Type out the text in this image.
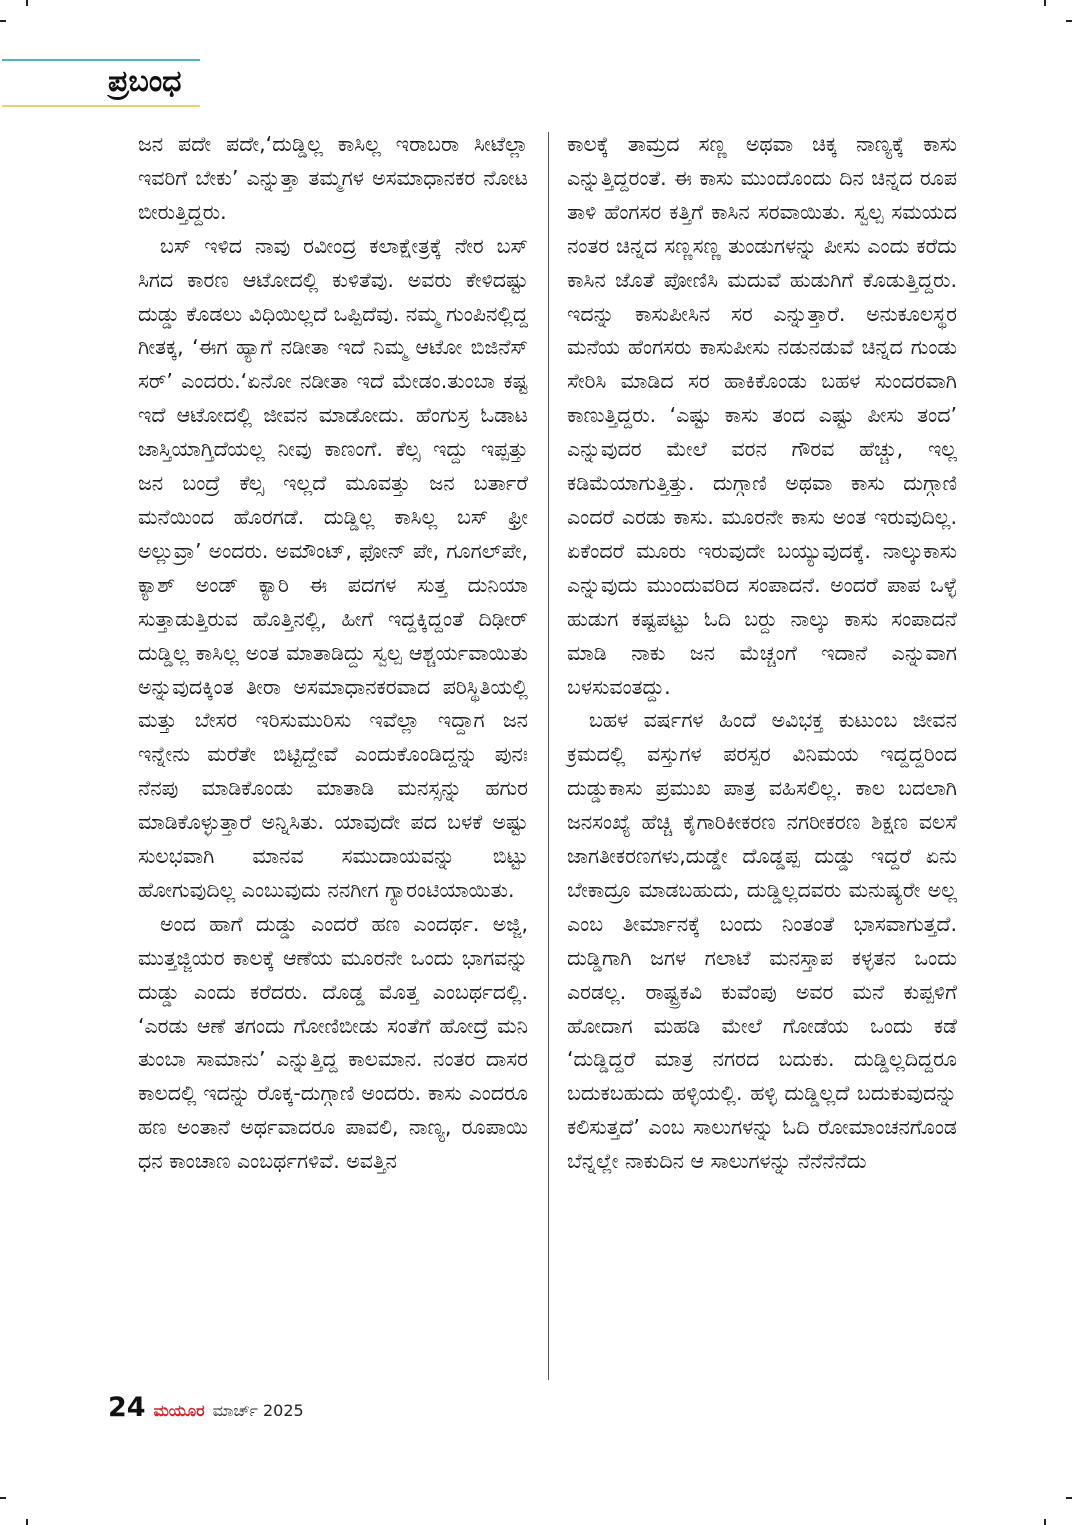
ಪ್ರಬಂಧ

ಜನ ಪದೇ ಪದೇ,‘ದುಡ್ಡಿಲ್ಲ ಕಾಸಿಲ್ಲ ಇರಾಬರಾ ಸೀಟೆಲ್ಲಾ ಇವರಿಗೆ ಬೇಕು’ ಎನ್ನುತ್ತಾ ತಮ್ಮಗಳ ಅಸಮಾಧಾನಕರ ನೋಟ ಬೀರುತ್ತಿದ್ದರು.

ಬಸ್ ಇಳಿದ ನಾವು ರವೀಂದ್ರ ಕಲಾಕ್ಷೇತ್ರಕ್ಕೆ ನೇರ ಬಸ್ ಸಿಗದ ಕಾರಣ ಆಟೋದಲ್ಲಿ ಕುಳಿತೆವು. ಅವರು ಕೇಳಿದಷ್ಟು ದುಡ್ಡು ಕೊಡಲು ವಿಧಿಯಿಲ್ಲದೆ ಒಪ್ಪಿದೆವು. ನಮ್ಮ ಗುಂಪಿನಲ್ಲಿದ್ದ ಗೀತಕ್ಕ, ‘ಈಗ ಹ್ಯಾಗೆ ನಡೀತಾ ಇದೆ ನಿಮ್ಮ ಆಟೋ ಬಿಜಿನೆಸ್ ಸರ್’ ಎಂದರು.‘ಏನೋ ನಡೀತಾ ಇದೆ ಮೇಡಂ.ತುಂಬಾ ಕಷ್ಟ ಇದೆ ಆಟೋದಲ್ಲಿ ಜೀವನ ಮಾಡೋದು. ಹೆಂಗುಸ್ರ ಓಡಾಟ ಜಾಸ್ತಿಯಾಗ್ತಿದೆಯಲ್ಲ ನೀವು ಕಾಣಂಗೆ. ಕೆಲ್ಸ ಇದ್ದು ಇಪ್ಪತ್ತು ಜನ ಬಂದ್ರೆ ಕೆಲ್ಸ ಇಲ್ಲದೆ ಮೂವತ್ತು ಜನ ಬರ್ತಾರೆ ಮನೆಯಿಂದ ಹೊರಗಡೆ. ದುಡ್ಡಿಲ್ಲ ಕಾಸಿಲ್ಲ ಬಸ್ ಫ್ರೀ ಅಲ್ಲುವ್ರಾ’ ಅಂದರು. ಅಮೌಂಟ್, ಫೋನ್ ಪೇ, ಗೂಗಲ್‌ಪೇ, ಕ್ಯಾಶ್ ಅಂಡ್ ಕ್ಯಾರಿ ಈ ಪದಗಳ ಸುತ್ತ ದುನಿಯಾ ಸುತ್ತಾಡುತ್ತಿರುವ ಹೊತ್ತಿನಲ್ಲಿ, ಹೀಗೆ ಇದ್ದಕ್ಕಿದ್ದಂತೆ ದಿಢೀರ್ ದುಡ್ಡಿಲ್ಲ ಕಾಸಿಲ್ಲ ಅಂತ ಮಾತಾಡಿದ್ದು ಸ್ವಲ್ಪ ಆಶ್ಚರ್ಯವಾಯಿತು ಅನ್ನುವುದಕ್ಕಿಂತ ತೀರಾ ಅಸಮಾಧಾನಕರವಾದ ಪರಿಸ್ಥಿತಿಯಲ್ಲಿ ಮತ್ತು ಬೇಸರ ಇರಿಸುಮುರಿಸು ಇವೆಲ್ಲಾ ಇದ್ದಾಗ ಜನ ಇನ್ನೇನು ಮರೆತೇ ಬಿಟ್ಟಿದ್ದೇವೆ ಎಂದುಕೊಂಡಿದ್ದನ್ನು ಪುನಃ ನೆನಪು ಮಾಡಿಕೊಂಡು ಮಾತಾಡಿ ಮನಸ್ಸನ್ನು ಹಗುರ ಮಾಡಿಕೊಳ್ಳುತ್ತಾರೆ ಅನ್ನಿಸಿತು. ಯಾವುದೇ ಪದ ಬಳಕೆ ಅಷ್ಟು ಸುಲಭವಾಗಿ ಮಾನವ ಸಮುದಾಯವನ್ನು ಬಿಟ್ಟು ಹೋಗುವುದಿಲ್ಲ ಎಂಬುವುದು ನನಗೀಗ ಗ್ಯಾರಂಟಿಯಾಯಿತು.

ಅಂದ ಹಾಗೆ ದುಡ್ಡು ಎಂದರೆ ಹಣ ಎಂದರ್ಥ. ಅಜ್ಜಿ, ಮುತ್ತಜ್ಜಿಯರ ಕಾಲಕ್ಕೆ ಆಣೆಯ ಮೂರನೇ ಒಂದು ಭಾಗವನ್ನು ದುಡ್ಡು ಎಂದು ಕರೆದರು. ದೊಡ್ಡ ಮೊತ್ತ ಎಂಬರ್ಥದಲ್ಲಿ. ‘ಎರಡು ಆಣೆ ತಗಂದು ಗೋಣಿಬೀಡು ಸಂತೆಗೆ ಹೋದ್ರೆ ಮನಿ ತುಂಬಾ ಸಾಮಾನು’ ಎನ್ನುತ್ತಿದ್ದ ಕಾಲಮಾನ. ನಂತರ ದಾಸರ ಕಾಲದಲ್ಲಿ ಇದನ್ನು ರೊಕ್ಕ-ದುಗ್ಗಾಣಿ ಅಂದರು. ಕಾಸು ಎಂದರೂ ಹಣ ಅಂತಾನೆ ಅರ್ಥವಾದರೂ ಪಾವಲಿ, ನಾಣ್ಯ, ರೂಪಾಯಿ ಧನ ಕಾಂಚಾಣ ಎಂಬರ್ಥಗಳಿವೆ. ಅವತ್ತಿನ

ಕಾಲಕ್ಕೆ ತಾಮ್ರದ ಸಣ್ಣ ಅಥವಾ ಚಿಕ್ಕ ನಾಣ್ಯಕ್ಕೆ ಕಾಸು ಎನ್ನುತ್ತಿದ್ದರಂತೆ. ಈ ಕಾಸು ಮುಂದೊಂದು ದಿನ ಚಿನ್ನದ ರೂಪ ತಾಳಿ ಹೆಂಗಸರ ಕತ್ತಿಗೆ ಕಾಸಿನ ಸರವಾಯಿತು. ಸ್ವಲ್ಪ ಸಮಯದ ನಂತರ ಚಿನ್ನದ ಸಣ್ಣಸಣ್ಣ ತುಂಡುಗಳನ್ನು ಪೀಸು ಎಂದು ಕರೆದು ಕಾಸಿನ ಜೊತೆ ಪೋಣಿಸಿ ಮದುವೆ ಹುಡುಗಿಗೆ ಕೊಡುತ್ತಿದ್ದರು. ಇದನ್ನು ಕಾಸುಪೀಸಿನ ಸರ ಎನ್ನುತ್ತಾರೆ. ಅನುಕೂಲಸ್ಥರ ಮನೆಯ ಹೆಂಗಸರು ಕಾಸುಪೀಸು ನಡುನಡುವೆ ಚಿನ್ನದ ಗುಂಡು ಸೇರಿಸಿ ಮಾಡಿದ ಸರ ಹಾಕಿಕೊಂಡು ಬಹಳ ಸುಂದರವಾಗಿ ಕಾಣುತ್ತಿದ್ದರು. ‘ಎಷ್ಟು ಕಾಸು ತಂದ ಎಷ್ಟು ಪೀಸು ತಂದ’ ಎನ್ನುವುದರ ಮೇಲೆ ವರನ ಗೌರವ ಹೆಚ್ಚು, ಇಲ್ಲ ಕಡಿಮೆಯಾಗುತ್ತಿತ್ತು. ದುಗ್ಗಾಣಿ ಅಥವಾ ಕಾಸು ದುಗ್ಗಾಣಿ ಎಂದರೆ ಎರಡು ಕಾಸು. ಮೂರನೇ ಕಾಸು ಅಂತ ಇರುವುದಿಲ್ಲ. ಏಕೆಂದರೆ ಮೂರು ಇರುವುದೇ ಬಯ್ಯುವುದಕ್ಕೆ. ನಾಲ್ಕುಕಾಸು ಎನ್ನುವುದು ಮುಂದುವರಿದ ಸಂಪಾದನೆ. ಅಂದರೆ ಪಾಪ ಒಳ್ಳೆ ಹುಡುಗ ಕಷ್ಟಪಟ್ಟು ಓದಿ ಬರ್‍ದು ನಾಲ್ಕು ಕಾಸು ಸಂಪಾದನೆ ಮಾಡಿ ನಾಕು ಜನ ಮೆಚ್ಚಂಗೆ ಇದಾನೆ ಎನ್ನುವಾಗ ಬಳಸುವಂತದ್ದು.

ಬಹಳ ವರ್ಷಗಳ ಹಿಂದೆ ಅವಿಭಕ್ತ ಕುಟುಂಬ ಜೀವನ ಕ್ರಮದಲ್ಲಿ ವಸ್ತುಗಳ ಪರಸ್ಪರ ವಿನಿಮಯ ಇದ್ದದ್ದರಿಂದ ದುಡ್ಡುಕಾಸು ಪ್ರಮುಖ ಪಾತ್ರ ವಹಿಸಲಿಲ್ಲ. ಕಾಲ ಬದಲಾಗಿ ಜನಸಂಖ್ಯೆ ಹೆಚ್ಚಿ ಕೈಗಾರಿಕೀಕರಣ ನಗರೀಕರಣ ಶಿಕ್ಷಣ ವಲಸೆ ಜಾಗತೀಕರಣಗಳು,ದುಡ್ಡೇ ದೊಡ್ಡಪ್ಪ ದುಡ್ಡು ಇದ್ದರೆ ಏನು ಬೇಕಾದ್ರೂ ಮಾಡಬಹುದು, ದುಡ್ಡಿಲ್ಲದವರು ಮನುಷ್ಯರೇ ಅಲ್ಲ ಎಂಬ ತೀರ್ಮಾನಕ್ಕೆ ಬಂದು ನಿಂತಂತೆ ಭಾಸವಾಗುತ್ತದೆ. ದುಡ್ಡಿಗಾಗಿ ಜಗಳ ಗಲಾಟೆ ಮನಸ್ತಾಪ ಕಳ್ಳತನ ಒಂದು ಎರಡಲ್ಲ. ರಾಷ್ಟ್ರಕವಿ ಕುವೆಂಪು ಅವರ ಮನೆ ಕುಪ್ಪಳಿಗೆ ಹೋದಾಗ ಮಹಡಿ ಮೇಲೆ ಗೋಡೆಯ ಒಂದು ಕಡೆ ‘ದುಡ್ಡಿದ್ದರೆ ಮಾತ್ರ ನಗರದ ಬದುಕು. ದುಡ್ಡಿಲ್ಲದಿದ್ದರೂ ಬದುಕಬಹುದು ಹಳ್ಳಿಯಲ್ಲಿ. ಹಳ್ಳಿ ದುಡ್ಡಿಲ್ಲದೆ ಬದುಕುವುದನ್ನು ಕಲಿಸುತ್ತದೆ’ ಎಂಬ ಸಾಲುಗಳನ್ನು ಓದಿ ರೋಮಾಂಚನಗೊಂಡ ಬೆನ್ನಲ್ಲೇ ನಾಕುದಿನ ಆ ಸಾಲುಗಳನ್ನು ನೆನೆನೆನೆದು

24 ಮಯೂರ ಮಾರ್ಚ್ 2025
